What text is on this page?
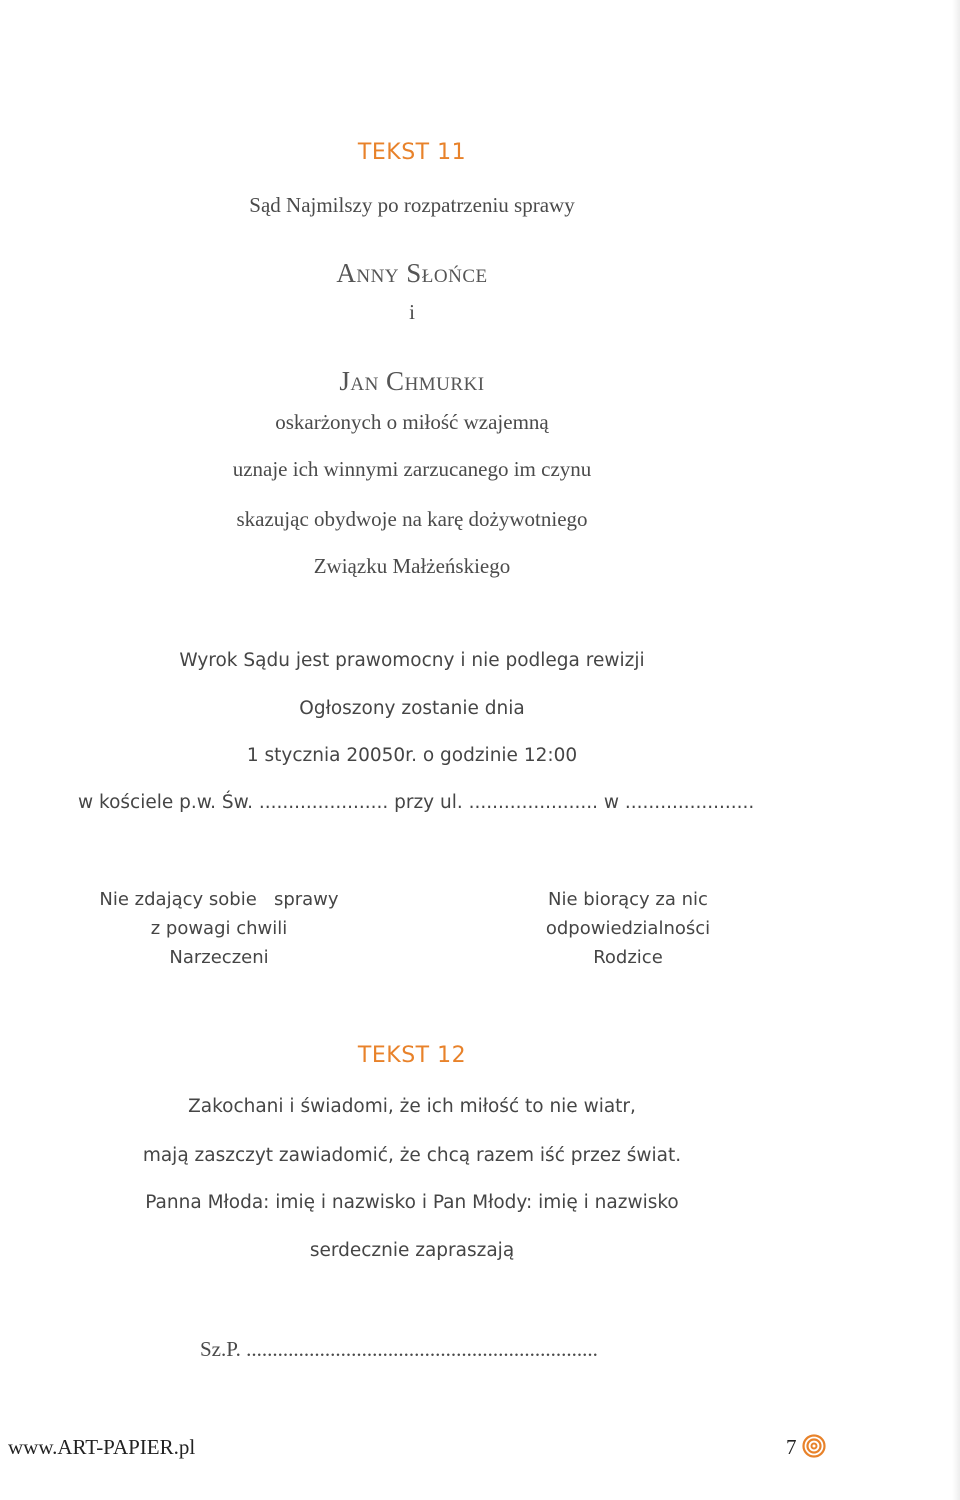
TEKST 11
Sąd Najmilszy po rozpatrzeniu sprawy
Anny Słońce
i
Jan Chmurki
oskarżonych o miłość wzajemną
uznaje ich winnymi zarzucanego im czynu
skazując obydwoje na karę dożywotniego
Związku Małżeńskiego
Wyrok Sądu jest prawomocny i nie podlega rewizji
Ogłoszony zostanie dnia
1 stycznia 20050r. o godzinie 12:00
w kościele p.w. Św. ...................... przy ul. ...................... w ......................
Nie zdający sobie   sprawy
z powagi chwili
Narzeczeni
Nie biorący za nic
odpowiedzialności
Rodzice
TEKST 12
Zakochani i świadomi, że ich miłość to nie wiatr,
mają zaszczyt zawiadomić, że chcą razem iść przez świat.
Panna Młoda: imię i nazwisko i Pan Młody: imię i nazwisko
serdecznie zapraszają
Sz.P. ...................................................................
www.ART-PAPIER.pl	7
